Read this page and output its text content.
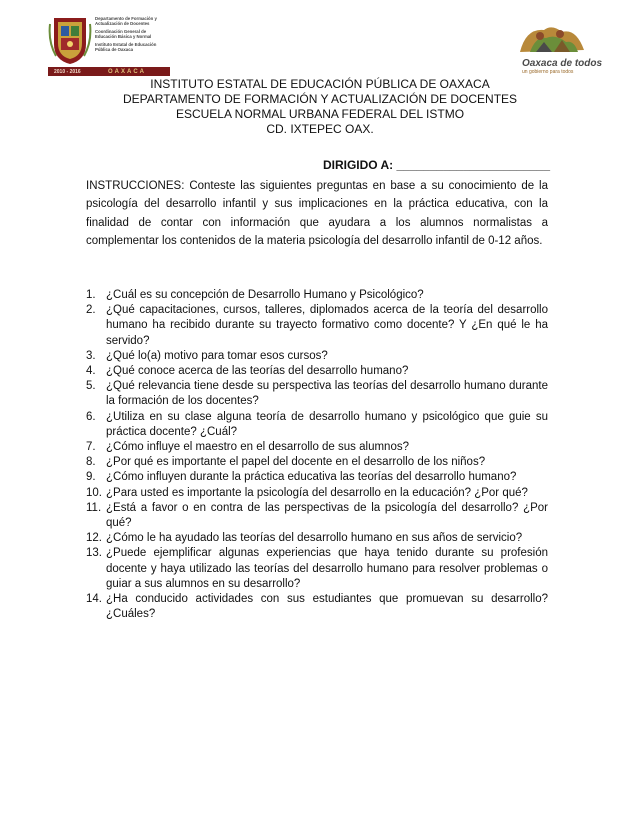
Departamento de Formación y
Actualización de Docentes
Coordinación General de
Educación Básica y Normal
Instituto Estatal de Educación
Pública de Oaxaca
2010 - 2016	OAXACA
Oaxaca de todos
un gobierno para todos
INSTITUTO ESTATAL DE EDUCACIÓN PÚBLICA DE OAXACA
DEPARTAMENTO DE FORMACIÓN Y ACTUALIZACIÓN DE DOCENTES
ESCUELA NORMAL URBANA FEDERAL DEL ISTMO
CD. IXTEPEC OAX.
DIRIGIDO A: _______________________
INSTRUCCIONES: Conteste las siguientes preguntas en base a su conocimiento de la psicología del desarrollo infantil y sus implicaciones en la práctica educativa, con la finalidad de contar con información que ayudara a los alumnos normalistas a complementar los contenidos de la materia psicología del desarrollo infantil de 0-12 años.
1. ¿Cuál es su concepción de Desarrollo Humano y Psicológico?
2. ¿Qué capacitaciones, cursos, talleres, diplomados acerca de la teoría del desarrollo humano ha recibido durante su trayecto formativo como docente? Y ¿En qué le ha servido?
3. ¿Qué lo(a) motivo para tomar esos cursos?
4. ¿Qué conoce acerca de las teorías del desarrollo humano?
5. ¿Qué relevancia tiene desde su perspectiva las teorías del desarrollo humano durante la formación de los docentes?
6. ¿Utiliza en su clase alguna teoría de desarrollo humano y psicológico que guie su práctica docente? ¿Cuál?
7. ¿Cómo influye el maestro en el desarrollo de sus alumnos?
8. ¿Por qué es importante el papel del docente en el desarrollo de los niños?
9. ¿Cómo influyen durante la práctica educativa las teorías del desarrollo humano?
10. ¿Para usted es importante la psicología del desarrollo en la educación? ¿Por qué?
11. ¿Está a favor o en contra de las perspectivas de la psicología del desarrollo? ¿Por qué?
12. ¿Cómo le ha ayudado las teorías del desarrollo humano en sus años de servicio?
13. ¿Puede ejemplificar algunas experiencias que haya tenido durante su profesión docente y haya utilizado las teorías del desarrollo humano para resolver problemas o guiar a sus alumnos en su desarrollo?
14. ¿Ha conducido actividades con sus estudiantes que promuevan su desarrollo? ¿Cuáles?
